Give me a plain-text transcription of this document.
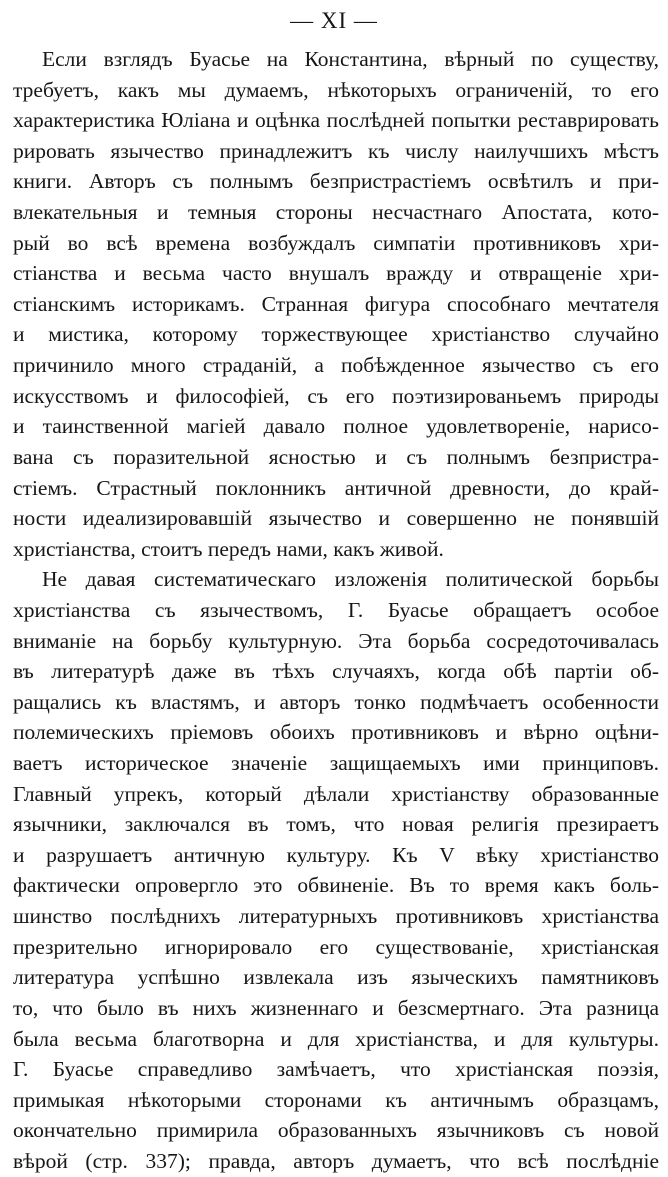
— XI —
Если взглядъ Буасье на Константина, вѣрный по существу,
требуетъ, какъ мы думаемъ, нѣкоторыхъ ограниченій, то его
характеристика Юліана и оцѣнка послѣдней попытки реставрировать
рировать язычество принадлежитъ къ числу наилучшихъ мѣстъ
книги. Авторъ съ полнымъ безпристрастіемъ освѣтилъ и при-
влекательныя и темныя стороны несчастнаго Апостата, кото-
рый во всѣ времена возбуждалъ симпатіи противниковъ хри-
стіанства и весьма часто внушалъ вражду и отвращеніе хри-
стіанскимъ историкамъ. Странная фигура способнаго мечтателя
и мистика, которому торжествующее христіанство случайно
причинило много страданій, а побѣжденное язычество съ его
искусствомъ и философіей, съ его поэтизированьемъ природы
и таинственной магіей давало полное удовлетвореніе, нарисо-
вана съ поразительной ясностью и съ полнымъ безпристра-
стіемъ. Страстный поклонникъ античной древности, до край-
ности идеализировавшій язычество и совершенно не понявшій
христіанства, стоитъ передъ нами, какъ живой.
Не давая систематическаго изложенія политической борьбы
христіанства съ язычествомъ, Г. Буасье обращаетъ особое
вниманіе на борьбу культурную. Эта борьба сосредоточивалась
въ литературѣ даже въ тѣхъ случаяхъ, когда обѣ партіи об-
ращались къ властямъ, и авторъ тонко подмѣчаетъ особенности
полемическихъ пріемовъ обоихъ противниковъ и вѣрно оцѣни-
ваетъ историческое значеніе защищаемыхъ ими принциповъ.
Главный упрекъ, который дѣлали христіанству образованные
язычники, заключался въ томъ, что новая религія презираетъ
и разрушаетъ античную культуру. Къ V вѣку христіанство
фактически опровергло это обвиненіе. Въ то время какъ боль-
шинство послѣднихъ литературныхъ противниковъ христіанства
презрительно игнорировало его существованіе, христіанская
литература успѣшно извлекала изъ языческихъ памятниковъ
то, что было въ нихъ жизненнаго и безсмертнаго. Эта разница
была весьма благотворна и для христіанства, и для культуры.
Г. Буасье справедливо замѣчаетъ, что христіанская поэзія,
примыкая нѣкоторыми сторонами къ античнымъ образцамъ,
окончательно примирила образованныхъ язычниковъ съ новой
вѣрой (стр. 337); правда, авторъ думаетъ, что всѣ послѣдніе
